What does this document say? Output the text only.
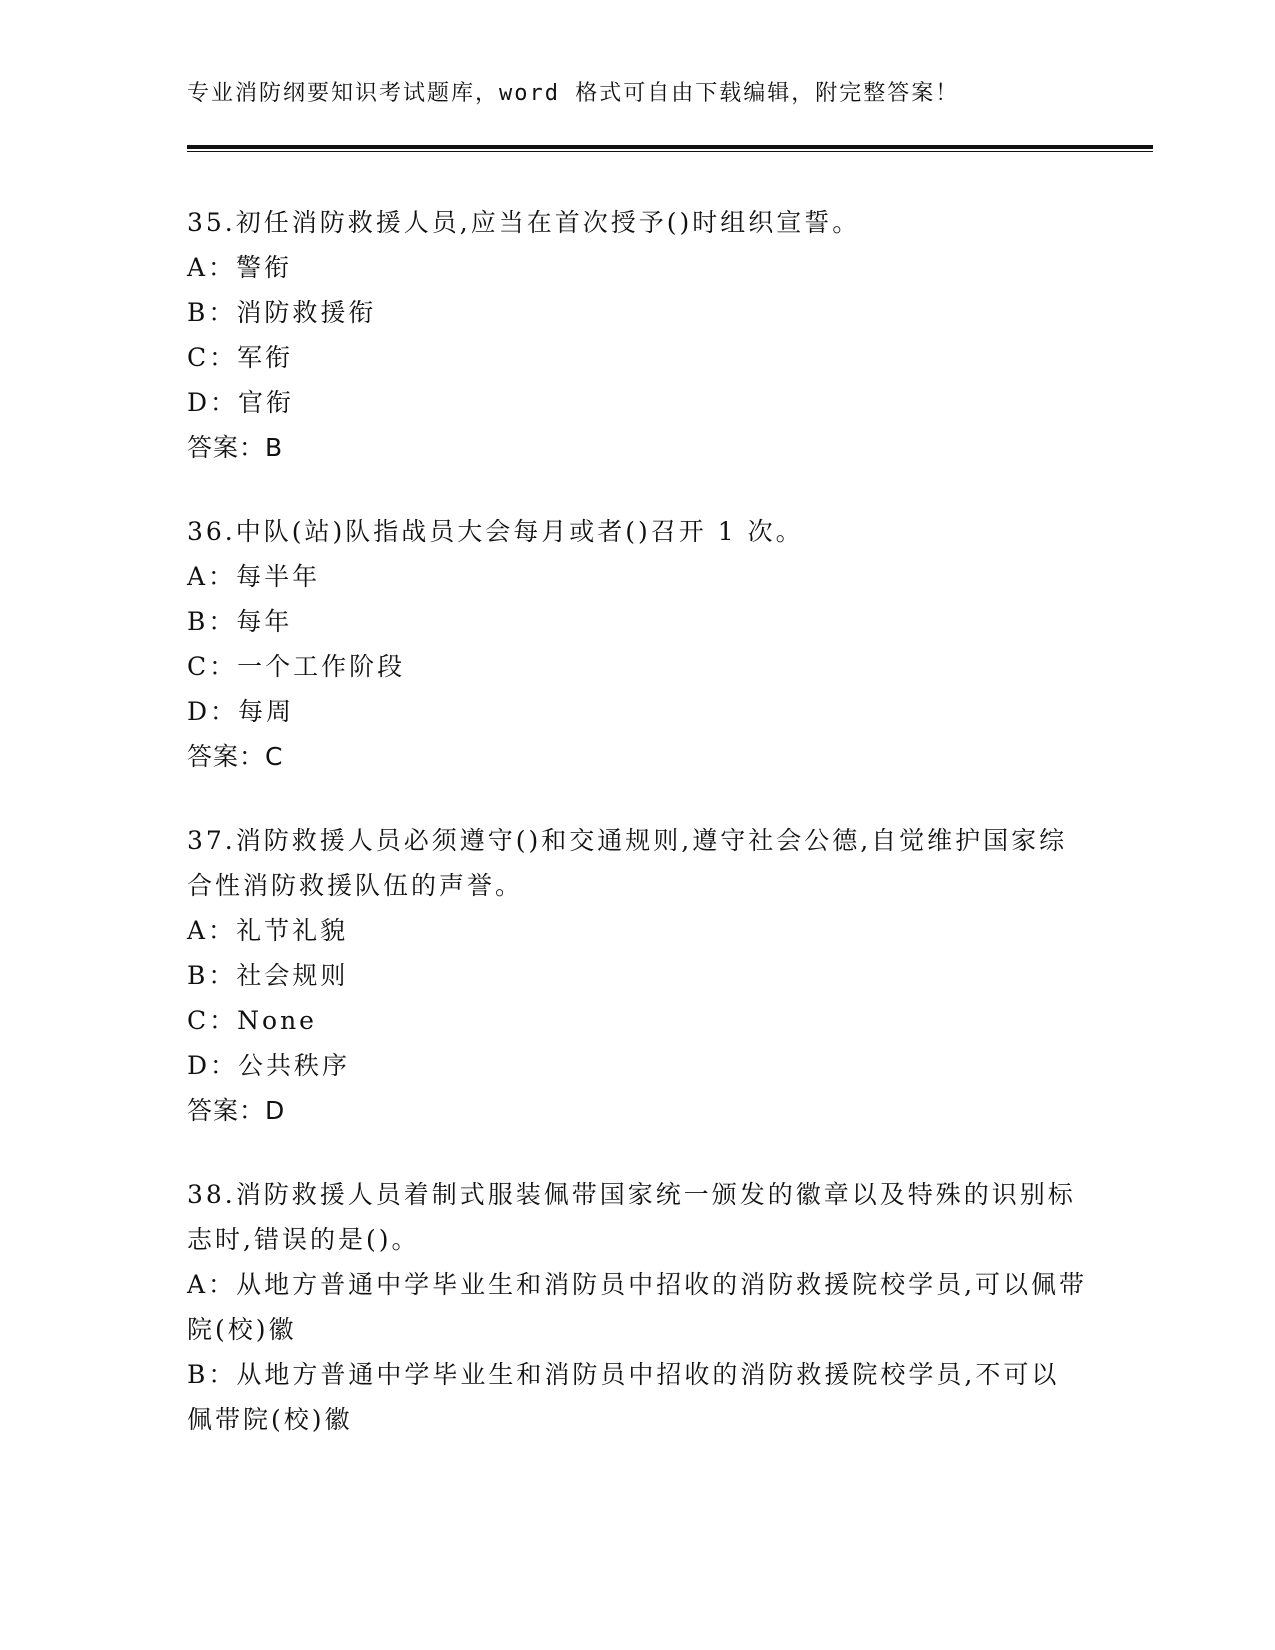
专业消防纲要知识考试题库，word 格式可自由下载编辑，附完整答案！
35.初任消防救援人员,应当在首次授予()时组织宣誓。
A：警衔
B：消防救援衔
C：军衔
D：官衔
答案：B
36.中队(站)队指战员大会每月或者()召开 1 次。
A：每半年
B：每年
C：一个工作阶段
D：每周
答案：C
37.消防救援人员必须遵守()和交通规则,遵守社会公德,自觉维护国家综合性消防救援队伍的声誉。
A：礼节礼貌
B：社会规则
C：None
D：公共秩序
答案：D
38.消防救援人员着制式服装佩带国家统一颁发的徽章以及特殊的识别标志时,错误的是()。
A：从地方普通中学毕业生和消防员中招收的消防救援院校学员,可以佩带院(校)徽
B：从地方普通中学毕业生和消防员中招收的消防救援院校学员,不可以佩带院(校)徽
